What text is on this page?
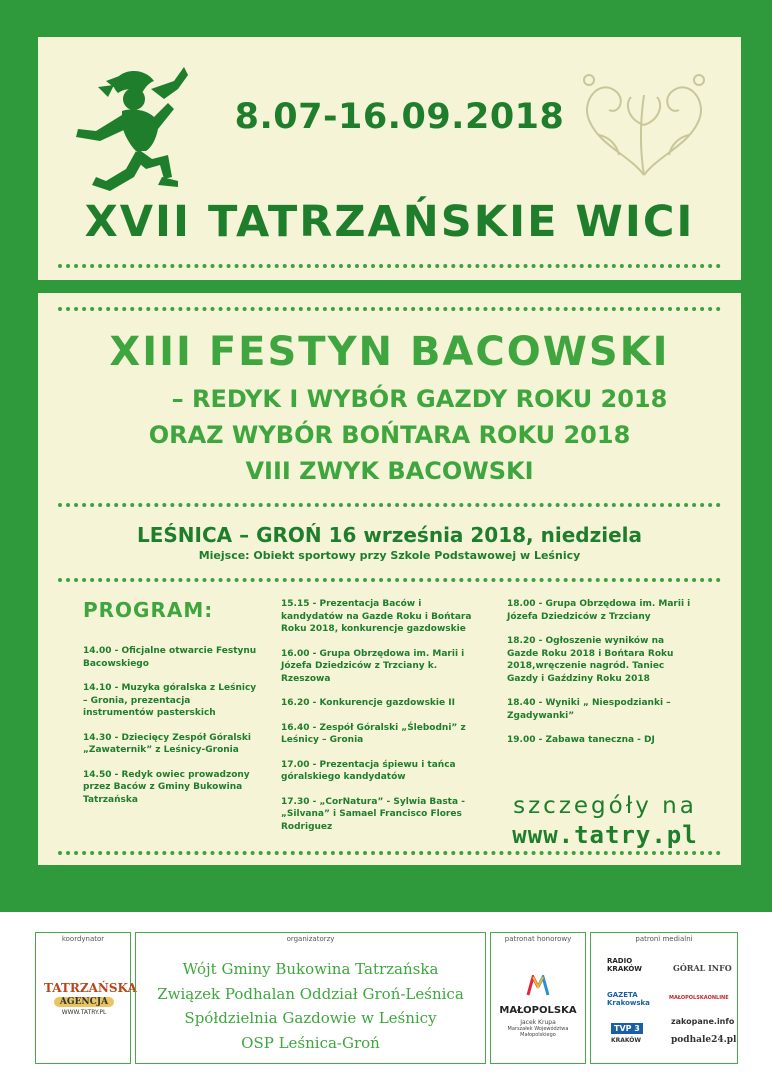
8.07-16.09.2018
XVII TATRZAŃSKIE WICI
XIII FESTYN BACOWSKI
– REDYK I WYBÓR GAZDY ROKU 2018
ORAZ WYBÓR BOŃTARA ROKU 2018
VIII ZWYK BACOWSKI
LEŚNICA – GROŃ 16 września 2018, niedziela
Miejsce: Obiekt sportowy przy Szkole Podstawowej w Leśnicy
PROGRAM:
14.00 - Oficjalne otwarcie Festynu Bacowskiego
14.10 - Muzyka góralska z Leśnicy – Gronia, prezentacja instrumentów pasterskich
14.30 - Dziecięcy Zespół Góralski „Zawaternik” z Leśnicy-Gronia
14.50 - Redyk owiec prowadzony przez Baców z Gminy Bukowina Tatrzańska
15.15 - Prezentacja Baców i kandydatów na Gazde Roku i Bońtara Roku 2018, konkurencje gazdowskie
16.00 - Grupa Obrzędowa im. Marii i Józefa Dziedziców z Trzciany k. Rzeszowa
16.20 - Konkurencje gazdowskie II
16.40 - Zespół Góralski „Ślebodni” z Leśnicy – Gronia
17.00 - Prezentacja śpiewu i tańca góralskiego kandydatów
17.30 - „CorNatura” - Sylwia Basta - „Silvana” i Samael Francisco Flores Rodriguez
18.00 - Grupa Obrzędowa im. Marii i Józefa Dziedziców z Trzciany
18.20 - Ogłoszenie wyników na Gazde Roku 2018 i Bońtara Roku 2018,wręczenie nagród. Taniec Gazdy i Gaździny Roku 2018
18.40 - Wyniki „ Niespodzianki – Zgadywanki”
19.00 - Zabawa taneczna - DJ
szczegóły na
www.tatry.pl
koordynator
TATRZAŃSKA
AGENCJA
WWW.TATRY.PL
organizatorzy
Wójt Gminy Bukowina Tatrzańska
Związek Podhalan Oddział Groń-Leśnica
Spółdzielnia Gazdowie w Leśnicy
OSP Leśnica-Groń
patronat honorowy
MAŁOPOLSKA
Jacek Krupa
Marszałek Województwa Małopolskiego
patroni medialni
RADIO KRAKÓW	GÓRAL INFO
GAZETA Krakowska
MAŁOPOLSKAONLINE
zakopane.info
TVP 3
KRAKÓW	podhale24.pl
